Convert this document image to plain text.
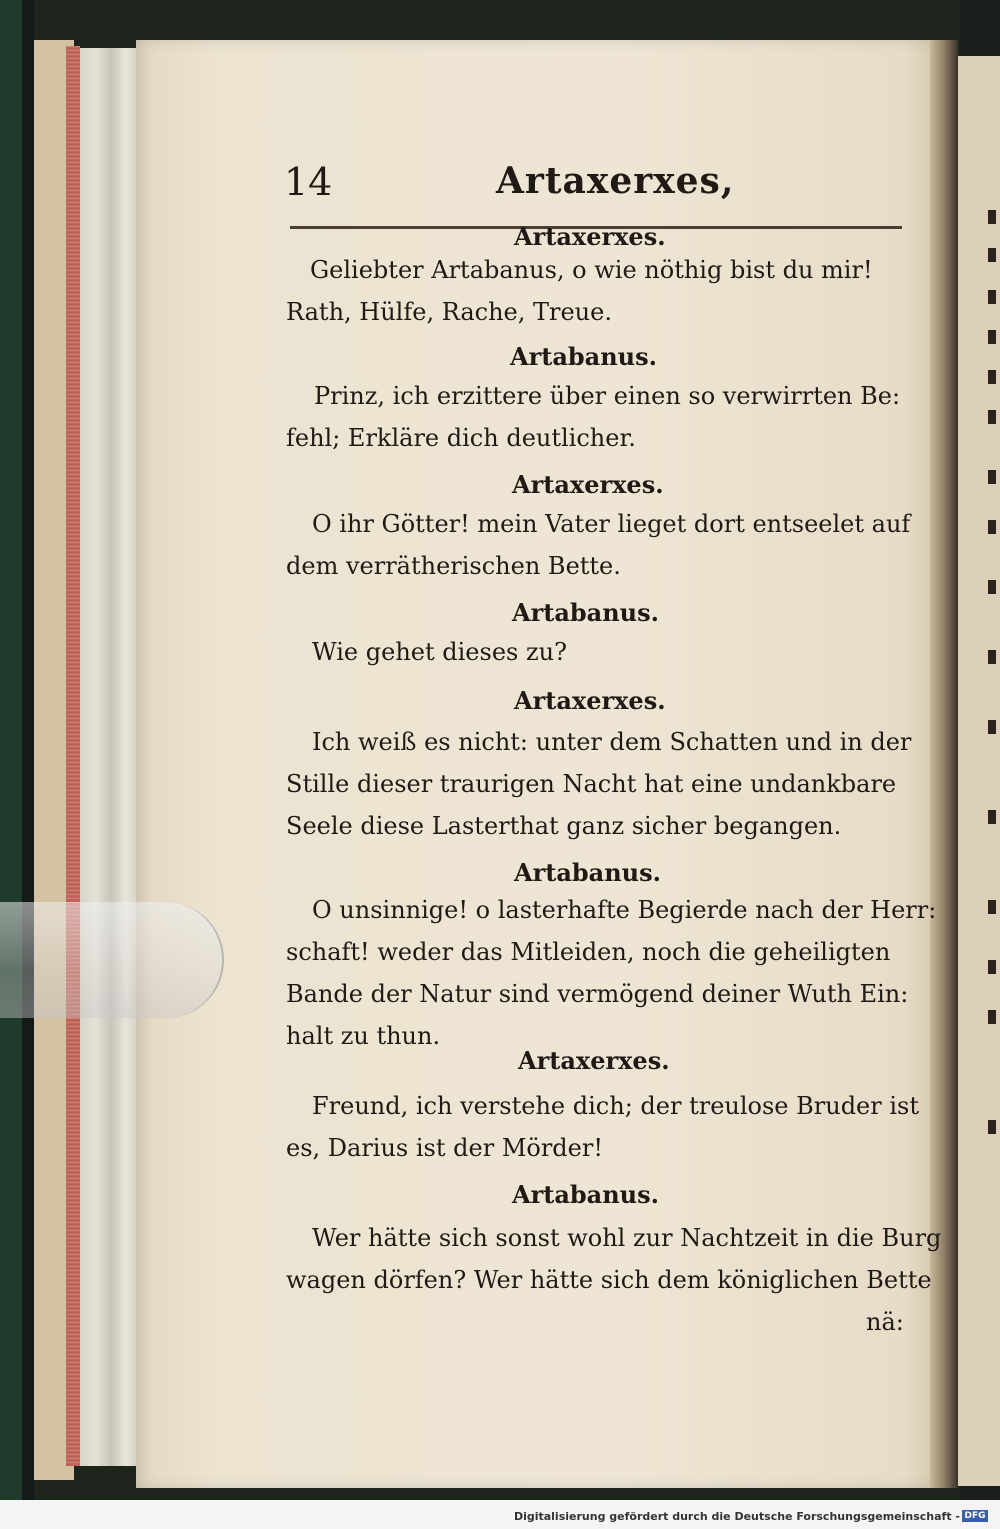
14	Artaxerxes,
Artaxerxes.
Geliebter Artabanus, o wie nöthig bist du mir!
Rath, Hülfe, Rache, Treue.
Artabanus.
Prinz, ich erzittere über einen so verwirrten Be:
fehl; Erkläre dich deutlicher.
Artaxerxes.
O ihr Götter! mein Vater lieget dort entseelet auf
dem verrätherischen Bette.
Artabanus.
Wie gehet dieses zu?
Artaxerxes.
Ich weiß es nicht: unter dem Schatten und in der
Stille dieser traurigen Nacht hat eine undankbare
Seele diese Lasterthat ganz sicher begangen.
Artabanus.
O unsinnige! o lasterhafte Begierde nach der Herr:
schaft! weder das Mitleiden, noch die geheiligten
Bande der Natur sind vermögend deiner Wuth Ein:
halt zu thun.
Artaxerxes.
Freund, ich verstehe dich; der treulose Bruder ist
es, Darius ist der Mörder!
Artabanus.
Wer hätte sich sonst wohl zur Nachtzeit in die Burg
wagen dörfen? Wer hätte sich dem königlichen Bette
nä:
Digitalisierung gefördert durch die Deutsche Forschungsgemeinschaft - DFG
